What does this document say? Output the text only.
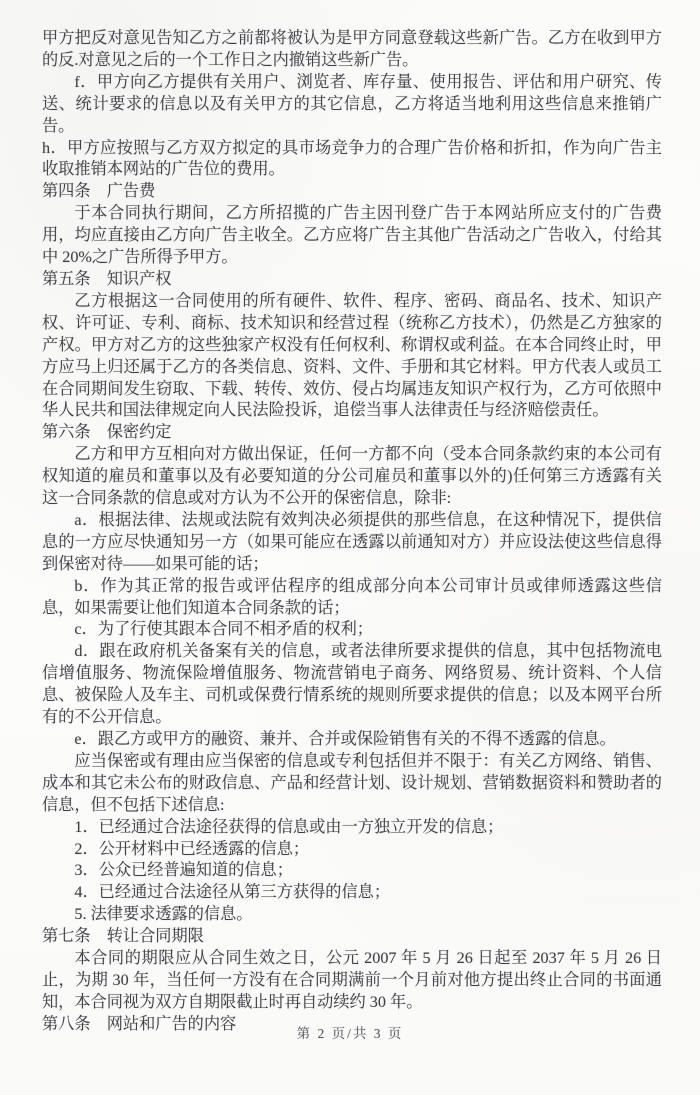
甲方把反对意见告知乙方之前都将被认为是甲方同意登载这些新广告。乙方在收到甲方的反.对意见之后的一个工作日之内撤销这些新广告。

f．甲方向乙方提供有关用户、浏览者、库存量、使用报告、评估和用户研究、传送、统计要求的信息以及有关甲方的其它信息，乙方将适当地利用这些信息来推销广告。

h．甲方应按照与乙方双方拟定的具市场竞争力的合理广告价格和折扣，作为向广告主收取推销本网站的广告位的费用。

第四条　广告费

于本合同执行期间，乙方所招揽的广告主因刊登广告于本网站所应支付的广告费用，均应直接由乙方向广告主收全。乙方应将广告主其他广告活动之广告收入，付给其中 20%之广告所得予甲方。

第五条　知识产权

乙方根据这一合同使用的所有硬件、软件、程序、密码、商品名、技术、知识产权、许可证、专利、商标、技术知识和经营过程（统称乙方技术），仍然是乙方独家的产权。甲方对乙方的这些独家产权没有任何权利、称谓权或利益。在本合同终止时，甲方应马上归还属于乙方的各类信息、资料、文件、手册和其它材料。甲方代表人或员工在合同期间发生窃取、下载、转传、效仿、侵占均属违友知识产权行为，乙方可依照中华人民共和国法律规定向人民法险投诉，追偿当事人法律责任与经济赔偿责任。

第六条　保密约定

乙方和甲方互相向对方做出保证，任何一方都不向（受本合同条款约束的本公司有权知道的雇员和董事以及有必要知道的分公司雇员和董事以外的)任何第三方透露有关这一合同条款的信息或对方认为不公开的保密信息，除非:

a．根据法律、法规或法院有效判决必须提供的那些信息，在这种情况下，提供信息的一方应尽快通知另一方（如果可能应在透露以前通知对方）并应设法使这些信息得到保密对待——如果可能的话；

b．作为其正常的报告或评估程序的组成部分向本公司审计员或律师透露这些信息，如果需要让他们知道本合同条款的话；

c．为了行使其跟本合同不相矛盾的权利；

d．跟在政府机关备案有关的信息，或者法律所要求提供的信息，其中包括物流电信增值服务、物流保险增值服务、物流营销电子商务、网络贸易、统计资料、个人信息、被保险人及车主、司机或保费行情系统的规则所要求提供的信息；以及本网平台所有的不公开信息。

e．跟乙方或甲方的融资、兼并、合并或保险销售有关的不得不透露的信息。

应当保密或有理由应当保密的信息或专利包括但并不限于：有关乙方网络、销售、成本和其它未公布的财政信息、产品和经营计划、设计规划、营销数据资料和赞助者的信息，但不包括下述信息:

1．已经通过合法途径获得的信息或由一方独立开发的信息；

2．公开材料中已经透露的信息；

3．公众已经普遍知道的信息；

4．已经通过合法途径从第三方获得的信息；

5. 法律要求透露的信息。

第七条　转让合同期限

本合同的期限应从合同生效之日，公元 2007 年 5 月 26 日起至 2037 年 5 月 26 日止，为期 30 年，当任何一方没有在合同期满前一个月前对他方提出终止合同的书面通知，本合同视为双方自期限截止时再自动续约 30 年。

第八条　网站和广告的内容

第 2 页/共 3 页
